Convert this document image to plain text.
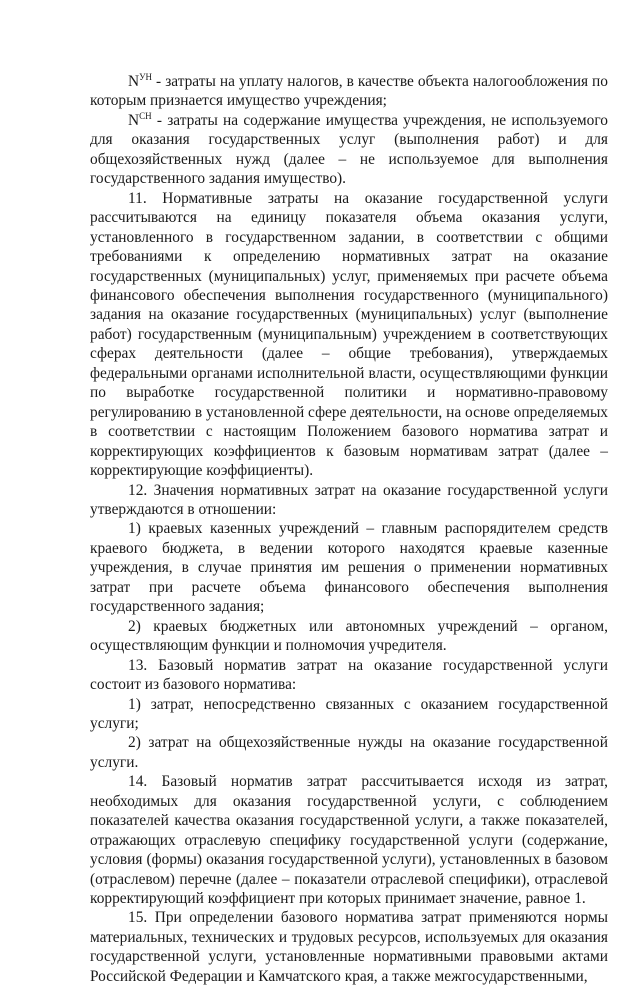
$N^{УН}$ - затраты на уплату налогов, в качестве объекта налогообложения по которым признается имущество учреждения;

$N^{СН}$ - затраты на содержание имущества учреждения, не используемого для оказания государственных услуг (выполнения работ) и для общехозяйственных нужд (далее – не используемое для выполнения государственного задания имущество).

11. Нормативные затраты на оказание государственной услуги рассчитываются на единицу показателя объема оказания услуги, установленного в государственном задании, в соответствии с общими требованиями к определению нормативных затрат на оказание государственных (муниципальных) услуг, применяемых при расчете объема финансового обеспечения выполнения государственного (муниципального) задания на оказание государственных (муниципальных) услуг (выполнение работ) государственным (муниципальным) учреждением в соответствующих сферах деятельности (далее – общие требования), утверждаемых федеральными органами исполнительной власти, осуществляющими функции по выработке государственной политики и нормативно-правовому регулированию в установленной сфере деятельности, на основе определяемых в соответствии с настоящим Положением базового норматива затрат и корректирующих коэффициентов к базовым нормативам затрат (далее – корректирующие коэффициенты).

12. Значения нормативных затрат на оказание государственной услуги утверждаются в отношении:

1) краевых казенных учреждений – главным распорядителем средств краевого бюджета, в ведении которого находятся краевые казенные учреждения, в случае принятия им решения о применении нормативных затрат при расчете объема финансового обеспечения выполнения государственного задания;

2) краевых бюджетных или автономных учреждений – органом, осуществляющим функции и полномочия учредителя.

13. Базовый норматив затрат на оказание государственной услуги состоит из базового норматива:

1) затрат, непосредственно связанных с оказанием государственной услуги;

2) затрат на общехозяйственные нужды на оказание государственной услуги.

14. Базовый норматив затрат рассчитывается исходя из затрат, необходимых для оказания государственной услуги, с соблюдением показателей качества оказания государственной услуги, а также показателей, отражающих отраслевую специфику государственной услуги (содержание, условия (формы) оказания государственной услуги), установленных в базовом (отраслевом) перечне (далее – показатели отраслевой специфики), отраслевой корректирующий коэффициент при которых принимает значение, равное 1.

15. При определении базового норматива затрат применяются нормы материальных, технических и трудовых ресурсов, используемых для оказания государственной услуги, установленные нормативными правовыми актами Российской Федерации и Камчатского края, а также межгосударственными,
